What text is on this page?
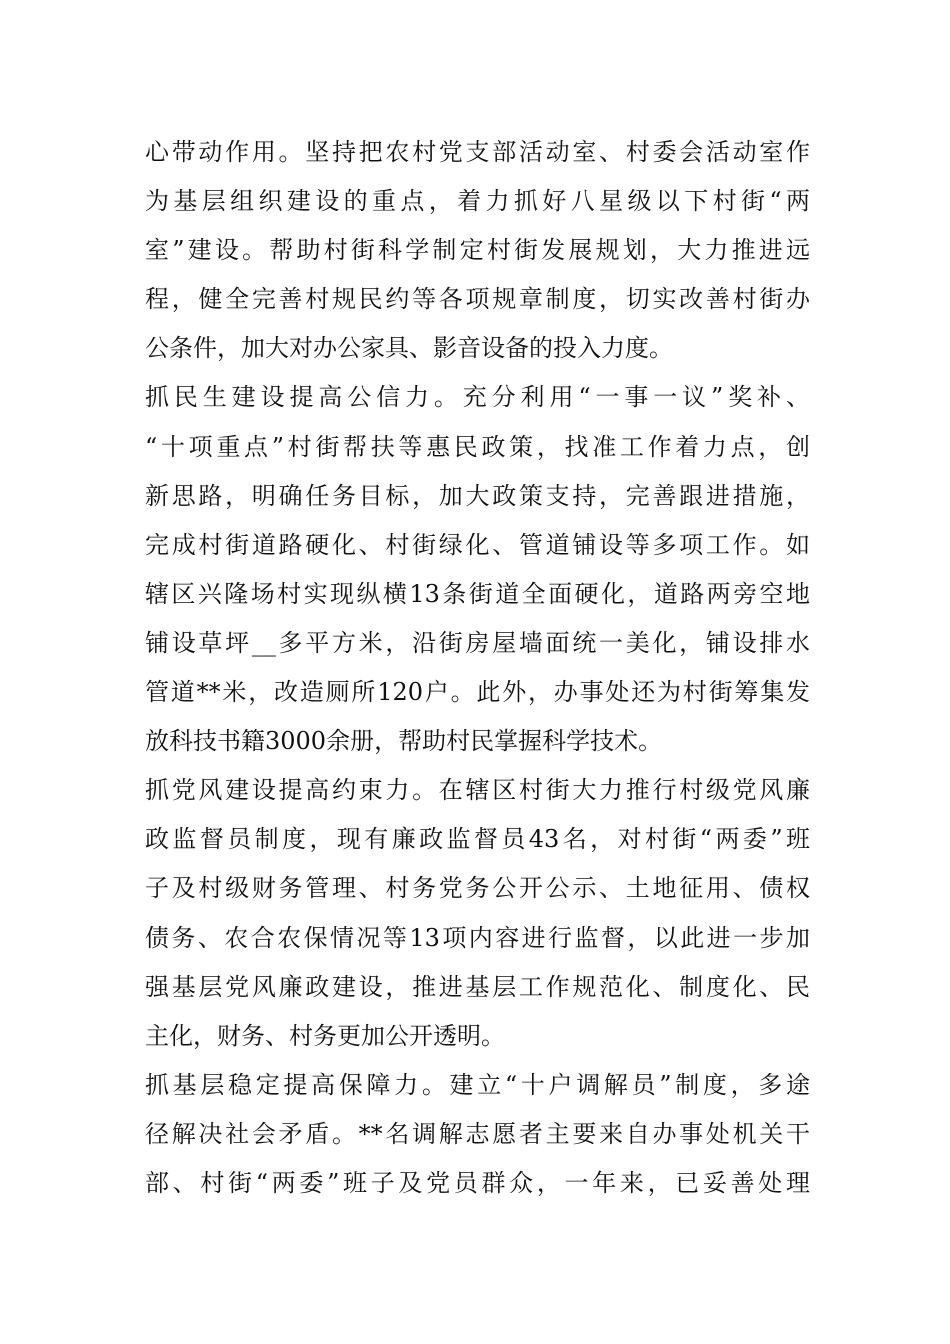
心带动作用。坚持把农村党支部活动室、村委会活动室作
为基层组织建设的重点，着力抓好八星级以下村街“两
室”建设。帮助村街科学制定村街发展规划，大力推进远
程，健全完善村规民约等各项规章制度，切实改善村街办
公条件，加大对办公家具、影音设备的投入力度。
抓民生建设提高公信力。充分利用“一事一议”奖补、
“十项重点”村街帮扶等惠民政策，找准工作着力点，创
新思路，明确任务目标，加大政策支持，完善跟进措施，
完成村街道路硬化、村街绿化、管道铺设等多项工作。如
辖区兴隆场村实现纵横13条街道全面硬化，道路两旁空地
铺设草坪__多平方米，沿街房屋墙面统一美化，铺设排水
管道**米，改造厕所120户。此外，办事处还为村街筹集发
放科技书籍3000余册，帮助村民掌握科学技术。
抓党风建设提高约束力。在辖区村街大力推行村级党风廉
政监督员制度，现有廉政监督员43名，对村街“两委”班
子及村级财务管理、村务党务公开公示、土地征用、债权
债务、农合农保情况等13项内容进行监督，以此进一步加
强基层党风廉政建设，推进基层工作规范化、制度化、民
主化，财务、村务更加公开透明。
抓基层稳定提高保障力。建立“十户调解员”制度，多途
径解决社会矛盾。**名调解志愿者主要来自办事处机关干
部、村街“两委”班子及党员群众，一年来，已妥善处理
